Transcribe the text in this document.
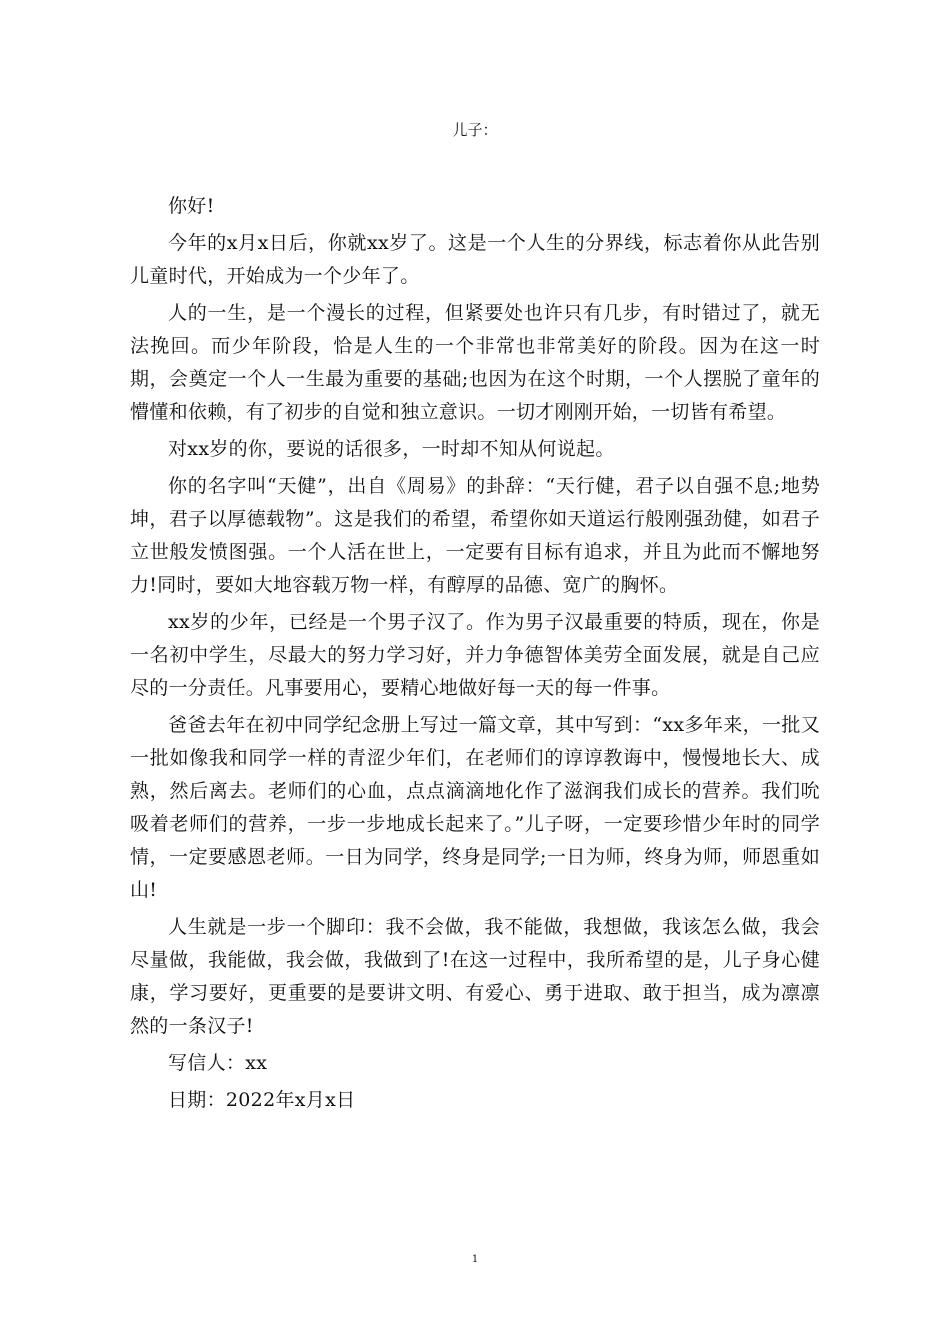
儿子：

你好!

今年的x月x日后，你就xx岁了。这是一个人生的分界线，标志着你从此告别儿童时代，开始成为一个少年了。

人的一生，是一个漫长的过程，但紧要处也许只有几步，有时错过了，就无法挽回。而少年阶段，恰是人生的一个非常也非常美好的阶段。因为在这一时期，会奠定一个人一生最为重要的基础;也因为在这个时期，一个人摆脱了童年的懵懂和依赖，有了初步的自觉和独立意识。一切才刚刚开始，一切皆有希望。

对xx岁的你，要说的话很多，一时却不知从何说起。

你的名字叫“天健”，出自《周易》的卦辞：“天行健，君子以自强不息;地势坤，君子以厚德载物”。这是我们的希望，希望你如天道运行般刚强劲健，如君子立世般发愤图强。一个人活在世上，一定要有目标有追求，并且为此而不懈地努力!同时，要如大地容载万物一样，有醇厚的品德、宽广的胸怀。

xx岁的少年，已经是一个男子汉了。作为男子汉最重要的特质，现在，你是一名初中学生，尽最大的努力学习好，并力争德智体美劳全面发展，就是自己应尽的一分责任。凡事要用心，要精心地做好每一天的每一件事。

爸爸去年在初中同学纪念册上写过一篇文章，其中写到：“xx多年来，一批又一批如像我和同学一样的青涩少年们，在老师们的谆谆教诲中，慢慢地长大、成熟，然后离去。老师们的心血，点点滴滴地化作了滋润我们成长的营养。我们吮吸着老师们的营养，一步一步地成长起来了。”儿子呀，一定要珍惜少年时的同学情，一定要感恩老师。一日为同学，终身是同学;一日为师，终身为师，师恩重如山!

人生就是一步一个脚印：我不会做，我不能做，我想做，我该怎么做，我会尽量做，我能做，我会做，我做到了!在这一过程中，我所希望的是，儿子身心健康，学习要好，更重要的是要讲文明、有爱心、勇于进取、敢于担当，成为凛凛然的一条汉子!

写信人：xx

日期：2022年x月x日

1
